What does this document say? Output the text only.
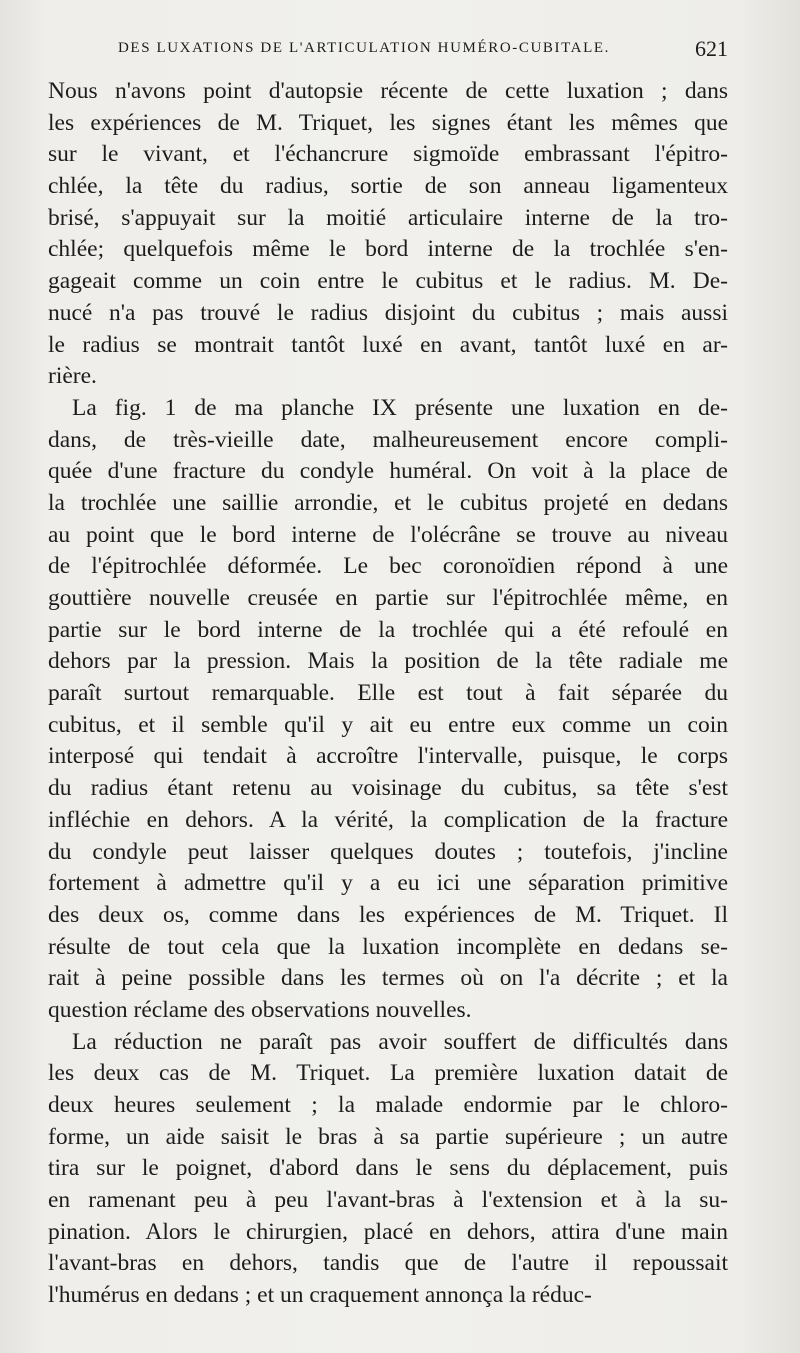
DES LUXATIONS DE L'ARTICULATION HUMÉRO-CUBITALE.	621
Nous n'avons point d'autopsie récente de cette luxation ; dans
les expériences de M. Triquet, les signes étant les mêmes que
sur le vivant, et l'échancrure sigmoïde embrassant l'épitro-
chlée, la tête du radius, sortie de son anneau ligamenteux
brisé, s'appuyait sur la moitié articulaire interne de la tro-
chlée; quelquefois même le bord interne de la trochlée s'en-
gageait comme un coin entre le cubitus et le radius. M. De-
nucé n'a pas trouvé le radius disjoint du cubitus ; mais aussi
le radius se montrait tantôt luxé en avant, tantôt luxé en ar-
rière.
La fig. 1 de ma planche IX présente une luxation en de-
dans, de très-vieille date, malheureusement encore compli-
quée d'une fracture du condyle huméral. On voit à la place de
la trochlée une saillie arrondie, et le cubitus projeté en dedans
au point que le bord interne de l'olécrâne se trouve au niveau
de l'épitrochlée déformée. Le bec coronoïdien répond à une
gouttière nouvelle creusée en partie sur l'épitrochlée même, en
partie sur le bord interne de la trochlée qui a été refoulé en
dehors par la pression. Mais la position de la tête radiale me
paraît surtout remarquable. Elle est tout à fait séparée du
cubitus, et il semble qu'il y ait eu entre eux comme un coin
interposé qui tendait à accroître l'intervalle, puisque, le corps
du radius étant retenu au voisinage du cubitus, sa tête s'est
infléchie en dehors. A la vérité, la complication de la fracture
du condyle peut laisser quelques doutes ; toutefois, j'incline
fortement à admettre qu'il y a eu ici une séparation primitive
des deux os, comme dans les expériences de M. Triquet. Il
résulte de tout cela que la luxation incomplète en dedans se-
rait à peine possible dans les termes où on l'a décrite ; et la
question réclame des observations nouvelles.
La réduction ne paraît pas avoir souffert de difficultés dans
les deux cas de M. Triquet. La première luxation datait de
deux heures seulement ; la malade endormie par le chloro-
forme, un aide saisit le bras à sa partie supérieure ; un autre
tira sur le poignet, d'abord dans le sens du déplacement, puis
en ramenant peu à peu l'avant-bras à l'extension et à la su-
pination. Alors le chirurgien, placé en dehors, attira d'une main
l'avant-bras en dehors, tandis que de l'autre il repoussait
l'humérus en dedans ; et un craquement annonça la réduc-
